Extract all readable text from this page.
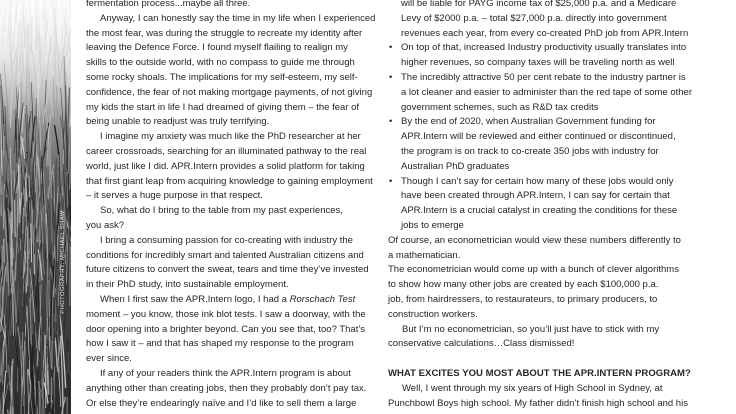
PHOTOGRAPHY: MICHAEL SHAW
fermentation process...maybe all three.
Anyway, I can honestly say the time in my life when I experienced
the most fear, was during the struggle to recreate my identity after
leaving the Defence Force. I found myself flailing to realign my
skills to the outside world, with no compass to guide me through
some rocky shoals. The implications for my self-esteem, my self-
confidence, the fear of not making mortgage payments, of not giving
my kids the start in life I had dreamed of giving them – the fear of
being unable to readjust was truly terrifying.
I imagine my anxiety was much like the PhD researcher at her
career crossroads, searching for an illuminated pathway to the real
world, just like I did. APR.Intern provides a solid platform for taking
that first giant leap from acquiring knowledge to gaining employment
– it serves a huge purpose in that respect.
So, what do I bring to the table from my past experiences,
you ask?
I bring a consuming passion for co-creating with industry the
conditions for incredibly smart and talented Australian citizens and
future citizens to convert the sweat, tears and time they’ve invested
in their PhD study, into sustainable employment.
When I first saw the APR.Intern logo, I had a Rorschach Test
moment – you know, those ink blot tests. I saw a doorway, with the
door opening into a brighter beyond. Can you see that, too? That’s
how I saw it – and that has shaped my response to the program
ever since.
If any of your readers think the APR.Intern program is about
anything other than creating jobs, then they probably don’t pay tax.
Or else they’re endearingly naïve and I’d like to sell them a large
will be liable for PAYG income tax of $25,000 p.a. and a Medicare
Levy of $2000 p.a. – total $27,000 p.a. directly into government
revenues each year, from every co-created PhD job from APR.Intern
• On top of that, increased Industry productivity usually translates into
higher revenues, so company taxes will be traveling north as well
• The incredibly attractive 50 per cent rebate to the industry partner is
a lot cleaner and easier to administer than the red tape of some other
government schemes, such as R&D tax credits
• By the end of 2020, when Australian Government funding for
APR.Intern will be reviewed and either continued or discontinued,
the program is on track to co-create 350 jobs with industry for
Australian PhD graduates
• Though I can’t say for certain how many of these jobs would only
have been created through APR.Intern, I can say for certain that
APR.Intern is a crucial catalyst in creating the conditions for these
jobs to emerge
Of course, an econometrician would view these numbers differently to
a mathematician.
The econometrician would come up with a bunch of clever algorithms
to show how many other jobs are created by each $100,000 p.a.
job, from hairdressers, to restaurateurs, to primary producers, to
construction workers.
But I’m no econometrician, so you’ll just have to stick with my
conservative calculations…Class dismissed!
WHAT EXCITES YOU MOST ABOUT THE APR.INTERN PROGRAM?
Well, I went through my six years of High School in Sydney, at
Punchbowl Boys high school. My father didn’t finish high school and his
